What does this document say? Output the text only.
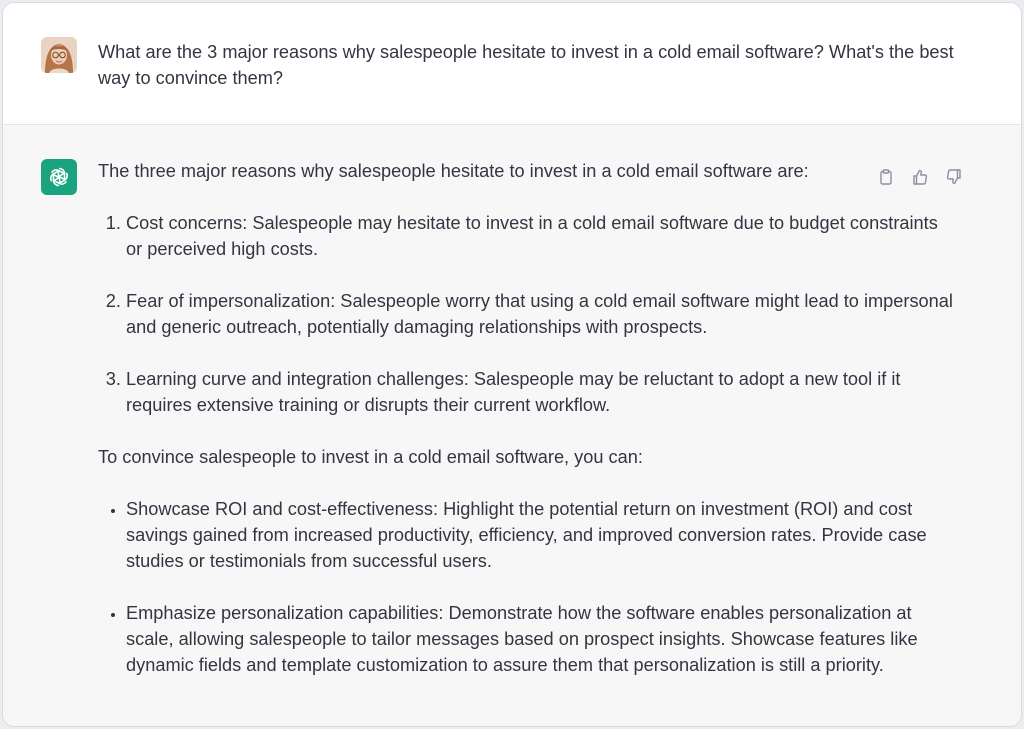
What are the 3 major reasons why salespeople hesitate to invest in a cold email software? What's the best way to convince them?

The three major reasons why salespeople hesitate to invest in a cold email software are:

1. Cost concerns: Salespeople may hesitate to invest in a cold email software due to budget constraints or perceived high costs.
2. Fear of impersonalization: Salespeople worry that using a cold email software might lead to impersonal and generic outreach, potentially damaging relationships with prospects.
3. Learning curve and integration challenges: Salespeople may be reluctant to adopt a new tool if it requires extensive training or disrupts their current workflow.

To convince salespeople to invest in a cold email software, you can:

• Showcase ROI and cost-effectiveness: Highlight the potential return on investment (ROI) and cost savings gained from increased productivity, efficiency, and improved conversion rates. Provide case studies or testimonials from successful users.
• Emphasize personalization capabilities: Demonstrate how the software enables personalization at scale, allowing salespeople to tailor messages based on prospect insights. Showcase features like dynamic fields and template customization to assure them that personalization is still a priority.
